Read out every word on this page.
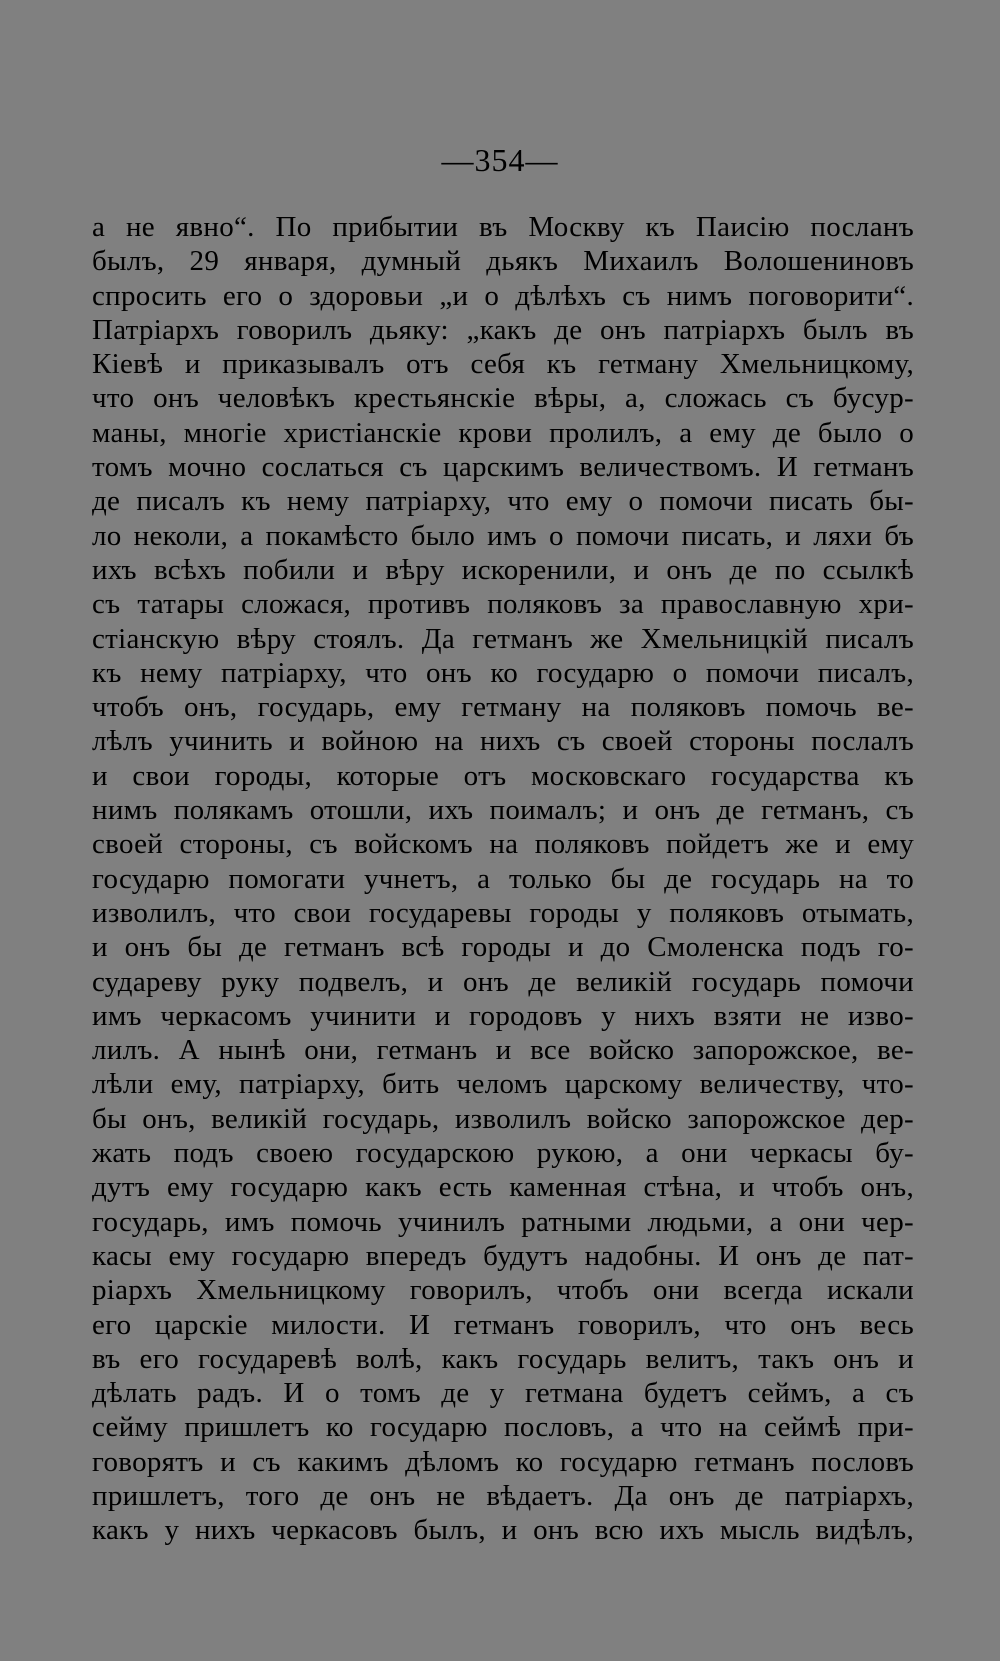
—354—
а не явно“. По прибытии въ Москву къ Паисію посланъ
былъ, 29 января, думный дьякъ Михаилъ Волошениновъ
спросить его о здоровьи „и о дѣлѣхъ съ нимъ поговорити“.
Патріархъ говорилъ дьяку: „какъ де онъ патріархъ былъ въ
Кіевѣ и приказывалъ отъ себя къ гетману Хмельницкому,
что онъ человѣкъ крестьянскіе вѣры, а, сложась съ бусур-
маны, многіе христіанскіе крови пролилъ, а ему де было о
томъ мочно сослаться съ царскимъ величествомъ. И гетманъ
де писалъ къ нему патріарху, что ему о помочи писать бы-
ло неколи, а покамѣсто было имъ о помочи писать, и ляхи бъ
ихъ всѣхъ побили и вѣру искоренили, и онъ де по ссылкѣ
съ татары сложася, противъ поляковъ за православную хри-
стіанскую вѣру стоялъ. Да гетманъ же Хмельницкій писалъ
къ нему патріарху, что онъ ко государю о помочи писалъ,
чтобъ онъ, государь, ему гетману на поляковъ помочь ве-
лѣлъ учинить и войною на нихъ съ своей стороны послалъ
и свои городы, которые отъ московскаго государства къ
нимъ полякамъ отошли, ихъ поималъ; и онъ де гетманъ, съ
своей стороны, съ войскомъ на поляковъ пойдетъ же и ему
государю помогати учнетъ, а только бы де государь на то
изволилъ, что свои государевы городы у поляковъ отымать,
и онъ бы де гетманъ всѣ городы и до Смоленска подъ го-
судареву руку подвелъ, и онъ де великій государь помочи
имъ черкасомъ учинити и городовъ у нихъ взяти не изво-
лилъ. А нынѣ они, гетманъ и все войско запорожское, ве-
лѣли ему, патріарху, бить челомъ царскому величеству, что-
бы онъ, великій государь, изволилъ войско запорожское дер-
жать подъ своею государскою рукою, а они черкасы бу-
дутъ ему государю какъ есть каменная стѣна, и чтобъ онъ,
государь, имъ помочь учинилъ ратными людьми, а они чер-
касы ему государю впередъ будутъ надобны. И онъ де пат-
ріархъ Хмельницкому говорилъ, чтобъ они всегда искали
его царскіе милости. И гетманъ говорилъ, что онъ весь
въ его государевѣ волѣ, какъ государь велитъ, такъ онъ и
дѣлать радъ. И о томъ де у гетмана будетъ сеймъ, а съ
сейму пришлетъ ко государю пословъ, а что на сеймѣ при-
говорятъ и съ какимъ дѣломъ ко государю гетманъ пословъ
пришлетъ, того де онъ не вѣдаетъ. Да онъ де патріархъ,
какъ у нихъ черкасовъ былъ, и онъ всю ихъ мысль видѣлъ,
